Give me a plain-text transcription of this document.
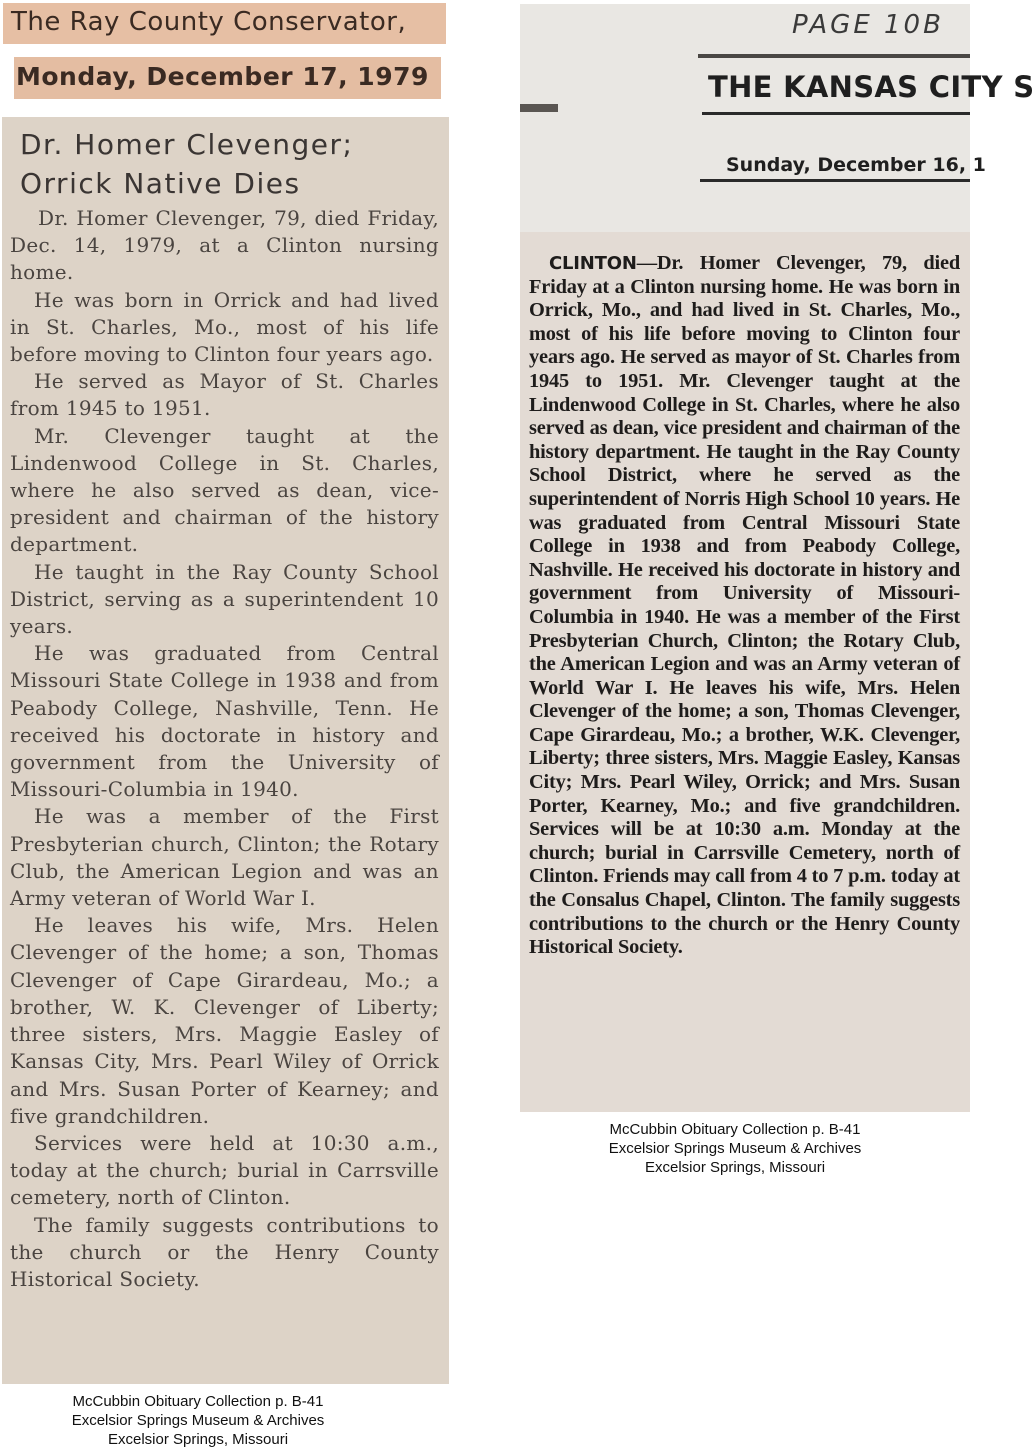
The Ray County Conservator,
Monday, December 17, 1979
Dr. Homer Clevenger;
Orrick Native Dies

Dr. Homer Clevenger, 79, died Friday, Dec. 14, 1979, at a Clinton nursing home.

He was born in Orrick and had lived in St. Charles, Mo., most of his life before moving to Clinton four years ago.

He served as Mayor of St. Charles from 1945 to 1951.

Mr. Clevenger taught at the Lindenwood College in St. Charles, where he also served as dean, vice-president and chairman of the history department.

He taught in the Ray County School District, serving as a superintendent 10 years.

He was graduated from Central Missouri State College in 1938 and from Peabody College, Nashville, Tenn. He received his doctorate in history and government from the University of Missouri-Columbia in 1940.

He was a member of the First Presbyterian church, Clinton; the Rotary Club, the American Legion and was an Army veteran of World War I.

He leaves his wife, Mrs. Helen Clevenger of the home; a son, Thomas Clevenger of Cape Girardeau, Mo.; a brother, W. K. Clevenger of Liberty; three sisters, Mrs. Maggie Easley of Kansas City, Mrs. Pearl Wiley of Orrick and Mrs. Susan Porter of Kearney; and five grandchildren.

Services were held at 10:30 a.m., today at the church; burial in Carrsville cemetery, north of Clinton.

The family suggests contributions to the church or the Henry County Historical Society.

McCubbin Obituary Collection p. B-41
Excelsior Springs Museum & Archives
Excelsior Springs, Missouri
PAGE 10B
THE KANSAS CITY S
Sunday, December 16, 1

CLINTON—Dr. Homer Clevenger, 79, died Friday at a Clinton nursing home. He was born in Orrick, Mo., and had lived in St. Charles, Mo., most of his life before moving to Clinton four years ago. He served as mayor of St. Charles from 1945 to 1951. Mr. Clevenger taught at the Lindenwood College in St. Charles, where he also served as dean, vice president and chairman of the history department. He taught in the Ray County School District, where he served as the superintendent of Norris High School 10 years. He was graduated from Central Missouri State College in 1938 and from Peabody College, Nashville. He received his doctorate in history and government from University of Missouri-Columbia in 1940. He was a member of the First Presbyterian Church, Clinton; the Rotary Club, the American Legion and was an Army veteran of World War I. He leaves his wife, Mrs. Helen Clevenger of the home; a son, Thomas Clevenger, Cape Girardeau, Mo.; a brother, W.K. Clevenger, Liberty; three sisters, Mrs. Maggie Easley, Kansas City; Mrs. Pearl Wiley, Orrick; and Mrs. Susan Porter, Kearney, Mo.; and five grandchildren. Services will be at 10:30 a.m. Monday at the church; burial in Carrsville Cemetery, north of Clinton. Friends may call from 4 to 7 p.m. today at the Consalus Chapel, Clinton. The family suggests contributions to the church or the Henry County Historical Society.

McCubbin Obituary Collection p. B-41
Excelsior Springs Museum & Archives
Excelsior Springs, Missouri
